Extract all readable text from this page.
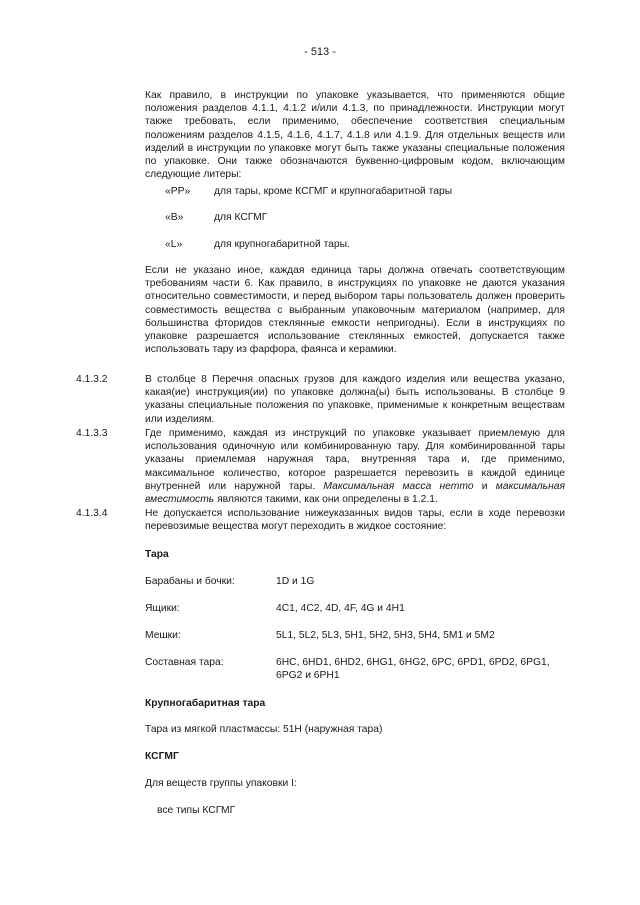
- 513 -
Как правило, в инструкции по упаковке указывается, что применяются общие положения разделов 4.1.1, 4.1.2 и/или 4.1.3, по принадлежности. Инструкции могут также требовать, если применимо, обеспечение соответствия специальным положениям разделов 4.1.5, 4.1.6, 4.1.7, 4.1.8 или 4.1.9. Для отдельных веществ или изделий в инструкции по упаковке могут быть также указаны специальные положения по упаковке. Они также обозначаются буквенно-цифровым кодом, включающим следующие литеры:
«PP» для тары, кроме КСГМГ и крупногабаритной тары
«B»	для КСГМГ
«L»	для крупногабаритной тары.
Если не указано иное, каждая единица тары должна отвечать соответствующим требованиям части 6. Как правило, в инструкциях по упаковке не даются указания относительно совместимости, и перед выбором тары пользователь должен проверить совместимость вещества с выбранным упаковочным материалом (например, для большинства фторидов стеклянные емкости непригодны). Если в инструкциях по упаковке разрешается использование стеклянных емкостей, допускается также использовать тару из фарфора, фаянса и керамики.
4.1.3.2	В столбце 8 Перечня опасных грузов для каждого изделия или вещества указано, какая(ие) инструкция(ии) по упаковке должна(ы) быть использованы. В столбце 9 указаны специальные положения по упаковке, применимые к конкретным веществам или изделиям.
4.1.3.3	Где применимо, каждая из инструкций по упаковке указывает приемлемую для использования одиночную или комбинированную тару. Для комбинированной тары указаны приемлемая наружная тара, внутренняя тара и, где применимо, максимальное количество, которое разрешается перевозить в каждой единице внутренней или наружной тары. Максимальная масса нетто и максимальная вместимость являются такими, как они определены в 1.2.1.
4.1.3.4	Не допускается использование нижеуказанных видов тары, если в ходе перевозки перевозимые вещества могут переходить в жидкое состояние:
Тара
Барабаны и бочки:	1D и 1G
Ящики:	4C1, 4C2, 4D, 4F, 4G и 4H1
Мешки:	5L1, 5L2, 5L3, 5H1, 5H2, 5H3, 5H4, 5M1 и 5M2
Составная тара:	6HC, 6HD1, 6HD2, 6HG1, 6HG2, 6PC, 6PD1, 6PD2, 6PG1, 6PG2 и 6PH1
Крупногабаритная тара
Тара из мягкой пластмассы: 51H (наружная тара)
КСГМГ
Для веществ группы упаковки I:
все типы КСГМГ
